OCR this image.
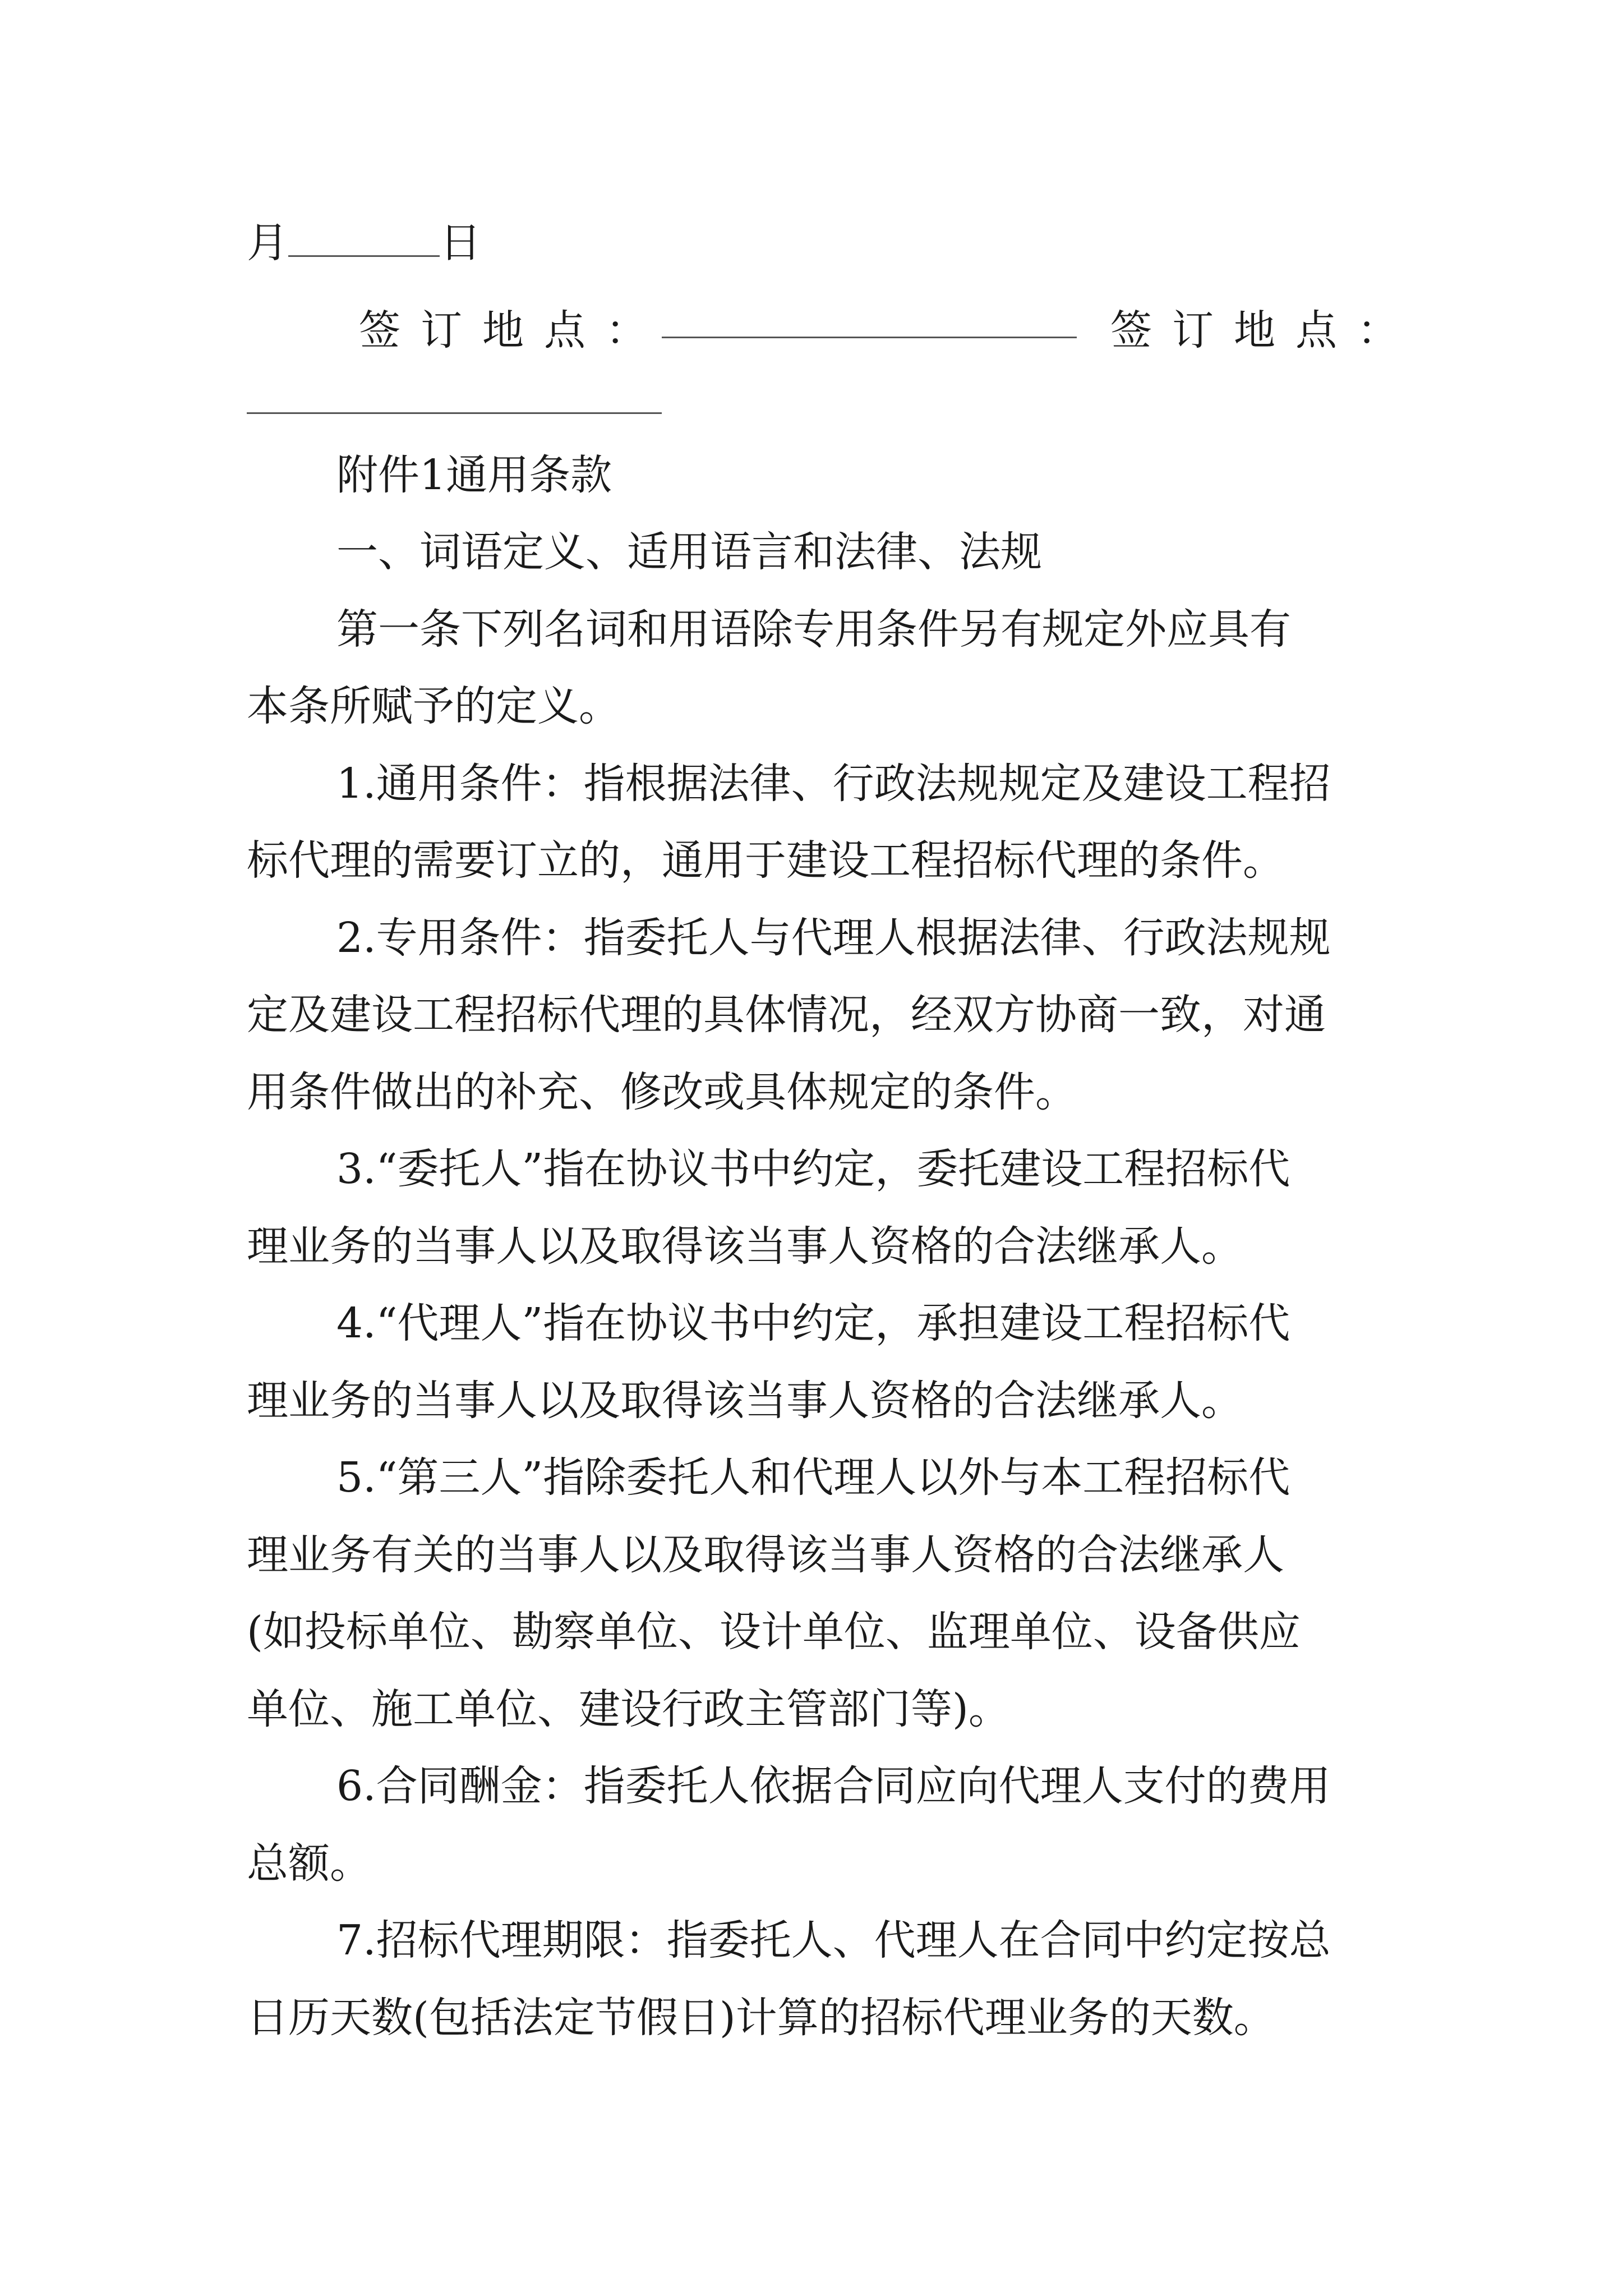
月	日
签订地点：	签订地点：
附件1通用条款
一、词语定义、适用语言和法律、法规
第一条下列名词和用语除专用条件另有规定外应具有
本条所赋予的定义。
1.通用条件：指根据法律、行政法规规定及建设工程招
标代理的需要订立的，通用于建设工程招标代理的条件。
2.专用条件：指委托人与代理人根据法律、行政法规规
定及建设工程招标代理的具体情况，经双方协商一致，对通
用条件做出的补充、修改或具体规定的条件。
3.“委托人”指在协议书中约定，委托建设工程招标代
理业务的当事人以及取得该当事人资格的合法继承人。
4.“代理人”指在协议书中约定，承担建设工程招标代
理业务的当事人以及取得该当事人资格的合法继承人。
5.“第三人”指除委托人和代理人以外与本工程招标代
理业务有关的当事人以及取得该当事人资格的合法继承人
(如投标单位、勘察单位、设计单位、监理单位、设备供应
单位、施工单位、建设行政主管部门等)。
6.合同酬金：指委托人依据合同应向代理人支付的费用
总额。
7.招标代理期限：指委托人、代理人在合同中约定按总
日历天数(包括法定节假日)计算的招标代理业务的天数。
